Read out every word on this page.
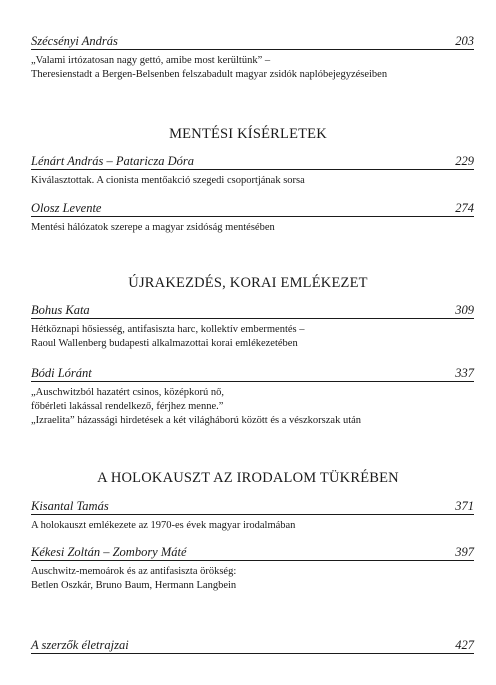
Szécsényi András	203
„Valami irtózatosan nagy gettó, amibe most kerültünk” –
Theresienstadt a Bergen-Belsenben felszabadult magyar zsidók naplóbejegyzéseiben
MENTÉSI KÍSÉRLETEK
Lénárt András – Pataricza Dóra	229
Kiválasztottak. A cionista mentőakció szegedi csoportjának sorsa
Olosz Levente	274
Mentési hálózatok szerepe a magyar zsidóság mentésében
ÚJRAKEZDÉS, KORAI EMLÉKEZET
Bohus Kata	309
Hétköznapi hősiesség, antifasiszta harc, kollektív embermentés –
Raoul Wallenberg budapesti alkalmazottai korai emlékezetében
Bódi Lóránt	337
„Auschwitzból hazatért csinos, középkorú nő,
főbérleti lakással rendelkező, férjhez menne.”
„Izraelita” házassági hirdetések a két világháború között és a vészkorszak után
A HOLOKAUSZT AZ IRODALOM TÜKRÉBEN
Kisantal Tamás	371
A holokauszt emlékezete az 1970-es évek magyar irodalmában
Kékesi Zoltán – Zombory Máté	397
Auschwitz-memoárok és az antifasiszta örökség:
Betlen Oszkár, Bruno Baum, Hermann Langbein
A szerzők életrajzai	427
